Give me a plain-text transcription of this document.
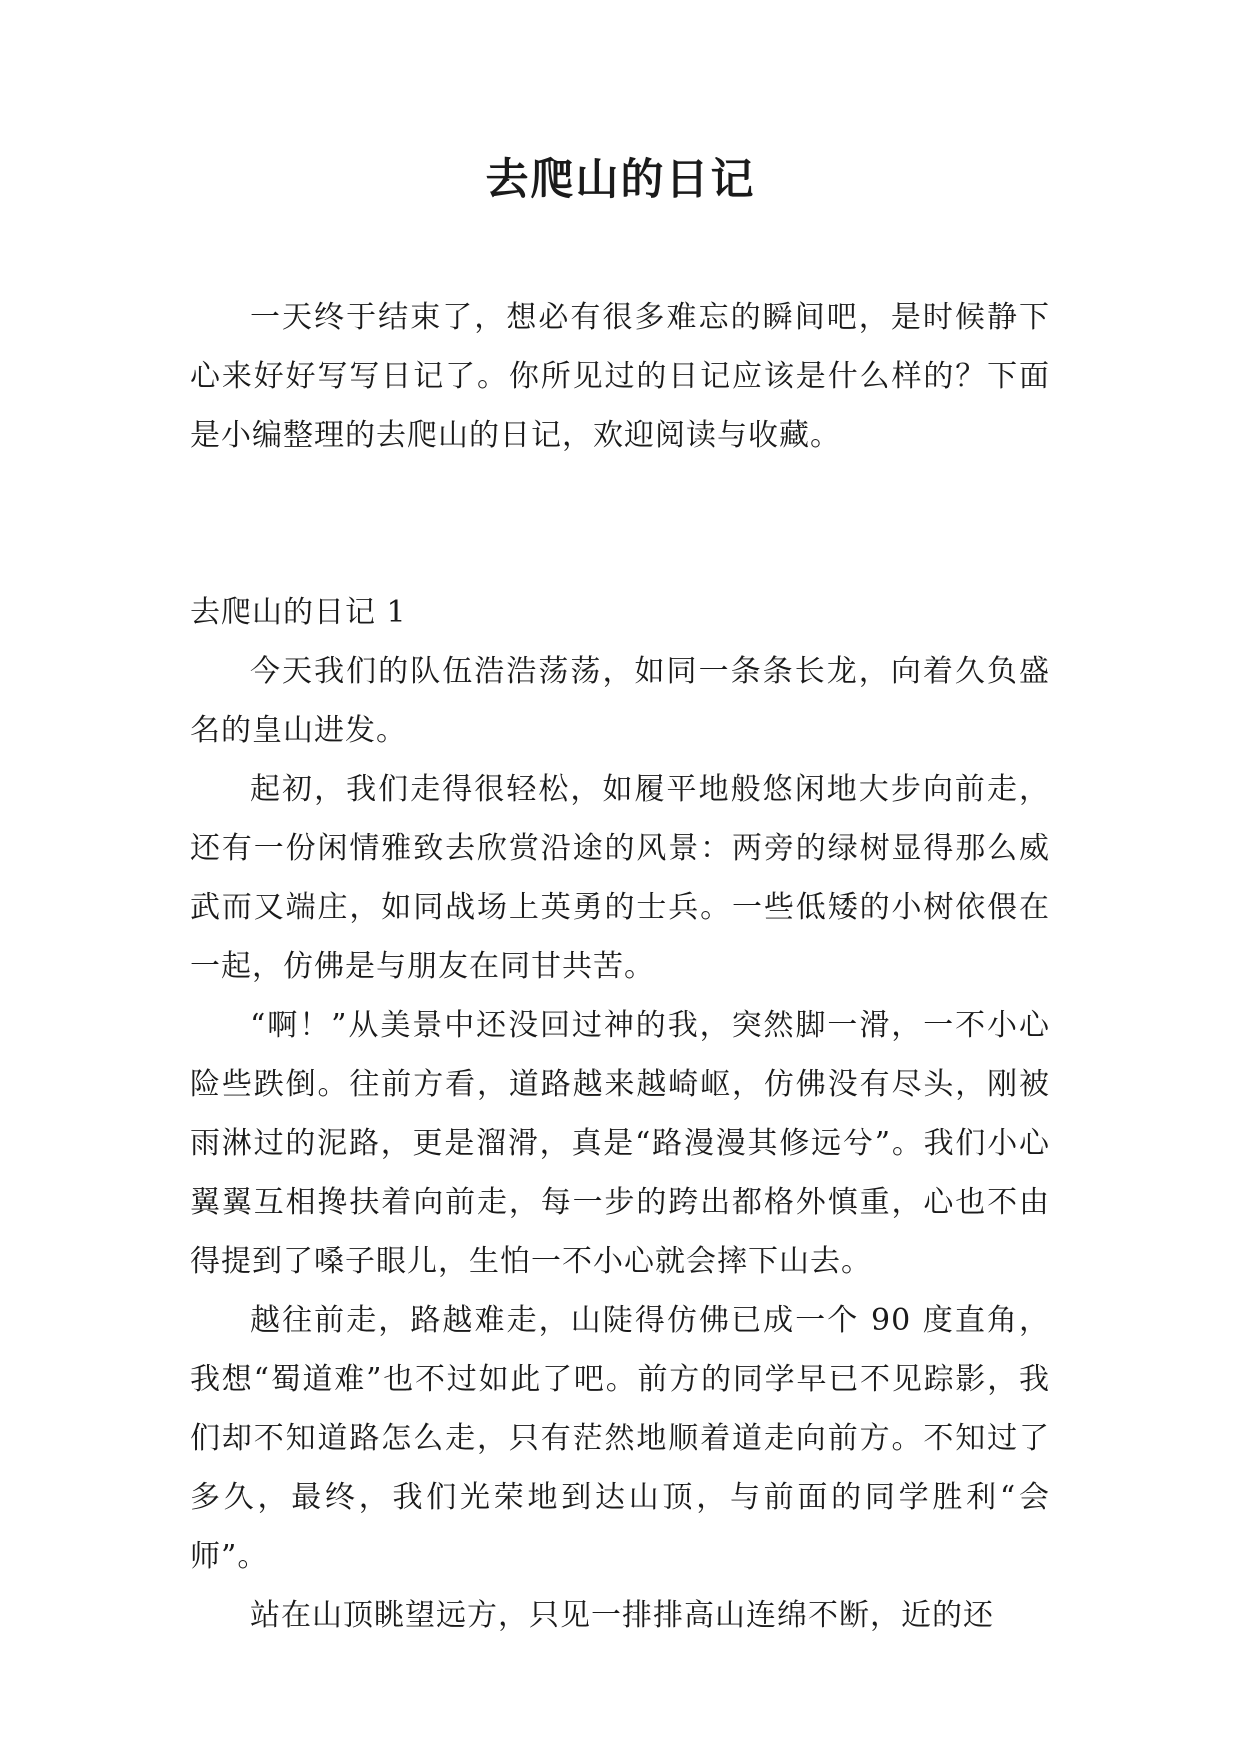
去爬山的日记

一天终于结束了，想必有很多难忘的瞬间吧，是时候静下心来好好写写日记了。你所见过的日记应该是什么样的？下面是小编整理的去爬山的日记，欢迎阅读与收藏。

去爬山的日记 1

今天我们的队伍浩浩荡荡，如同一条条长龙，向着久负盛名的皇山进发。

起初，我们走得很轻松，如履平地般悠闲地大步向前走，还有一份闲情雅致去欣赏沿途的风景：两旁的绿树显得那么威武而又端庄，如同战场上英勇的士兵。一些低矮的小树依偎在一起，仿佛是与朋友在同甘共苦。

“啊！”从美景中还没回过神的我，突然脚一滑，一不小心险些跌倒。往前方看，道路越来越崎岖，仿佛没有尽头，刚被雨淋过的泥路，更是溜滑，真是“路漫漫其修远兮”。我们小心翼翼互相搀扶着向前走，每一步的跨出都格外慎重，心也不由得提到了嗓子眼儿，生怕一不小心就会摔下山去。

越往前走，路越难走，山陡得仿佛已成一个 90 度直角，我想“蜀道难”也不过如此了吧。前方的同学早已不见踪影，我们却不知道路怎么走，只有茫然地顺着道走向前方。不知过了多久，最终，我们光荣地到达山顶，与前面的同学胜利“会师”。

站在山顶眺望远方，只见一排排高山连绵不断，近的还
